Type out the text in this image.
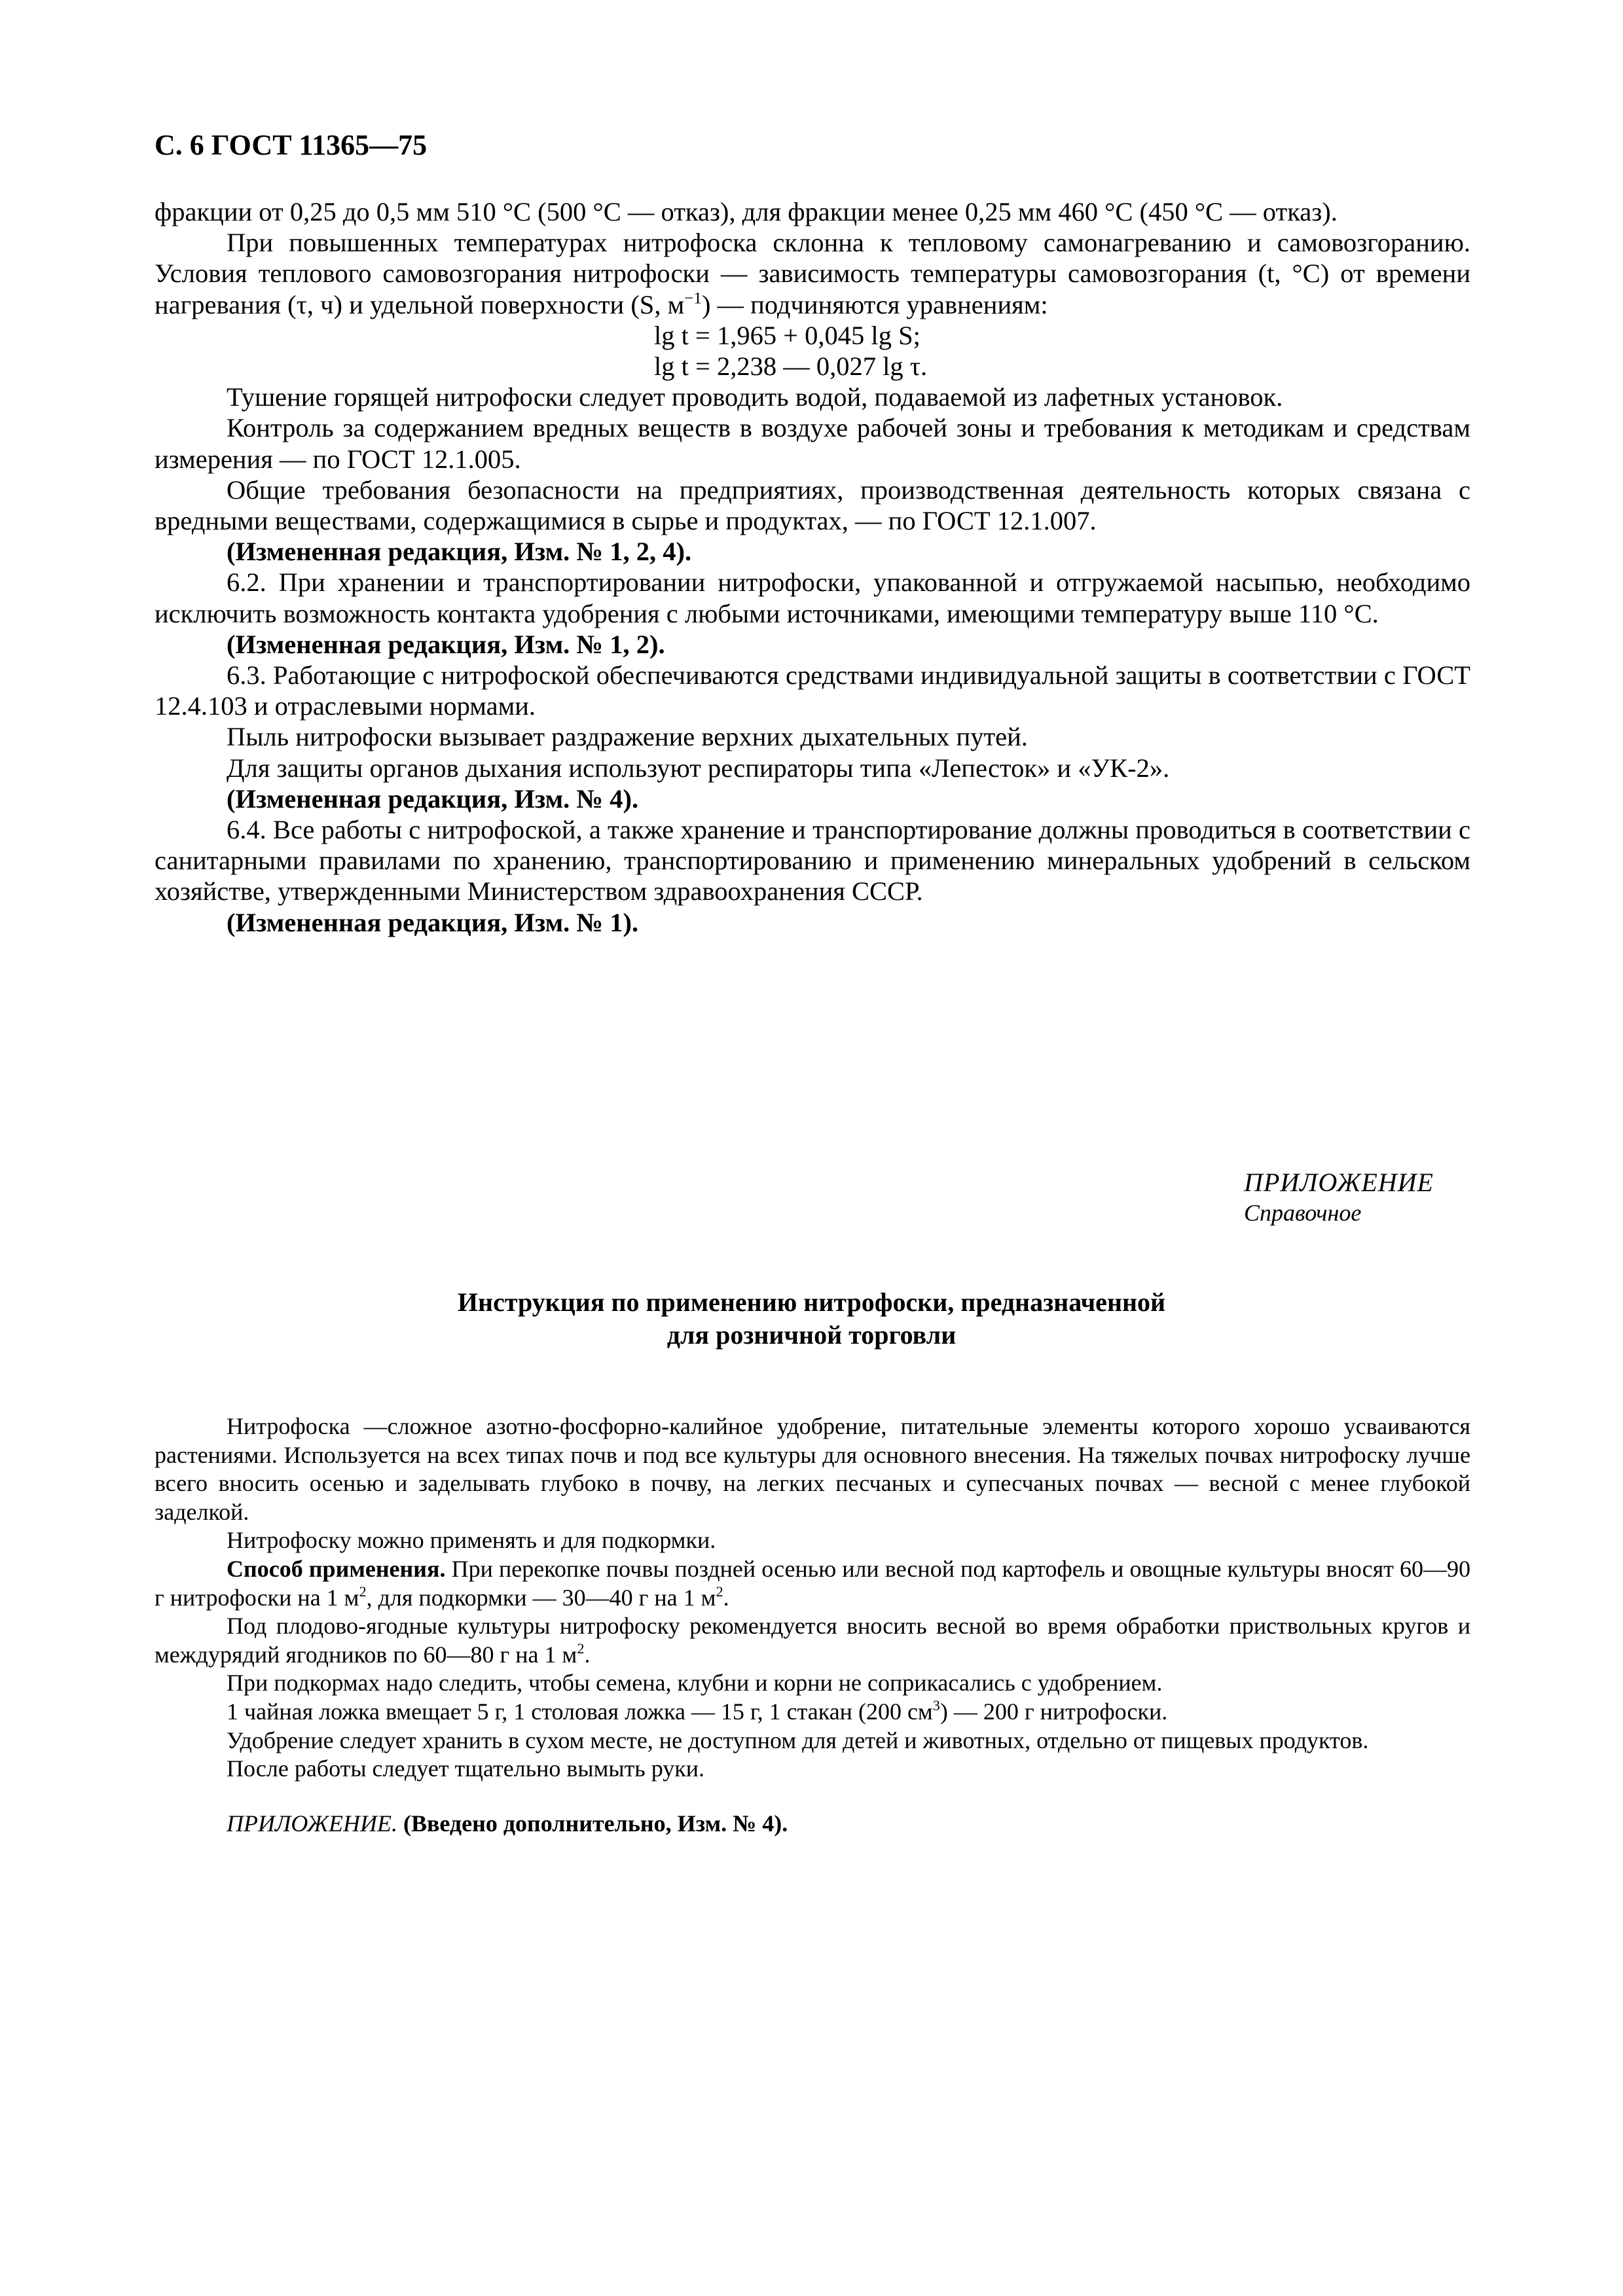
С. 6 ГОСТ 11365—75

фракции от 0,25 до 0,5 мм 510 °С (500 °С — отказ), для фракции менее 0,25 мм 460 °С (450 °С — отказ).

При повышенных температурах нитрофоска склонна к тепловому самонагреванию и самовозгоранию. Условия теплового самовозгорания нитрофоски — зависимость температуры самовозгорания (t, °С) от времени нагревания (τ, ч) и удельной поверхности (S, $м^{-1}$) — подчиняются уравнениям:

lg t = 1,965 + 0,045 lg S;
lg t = 2,238 — 0,027 lg τ.

Тушение горящей нитрофоски следует проводить водой, подаваемой из лафетных установок.

Контроль за содержанием вредных веществ в воздухе рабочей зоны и требования к методикам и средствам измерения — по ГОСТ 12.1.005.

Общие требования безопасности на предприятиях, производственная деятельность которых связана с вредными веществами, содержащимися в сырье и продуктах, — по ГОСТ 12.1.007.

(Измененная редакция, Изм. № 1, 2, 4).

6.2. При хранении и транспортировании нитрофоски, упакованной и отгружаемой насыпью, необходимо исключить возможность контакта удобрения с любыми источниками, имеющими температуру выше 110 °С.

(Измененная редакция, Изм. № 1, 2).

6.3. Работающие с нитрофоской обеспечиваются средствами индивидуальной защиты в соответствии с ГОСТ 12.4.103 и отраслевыми нормами.

Пыль нитрофоски вызывает раздражение верхних дыхательных путей.

Для защиты органов дыхания используют респираторы типа «Лепесток» и «УК-2».

(Измененная редакция, Изм. № 4).

6.4. Все работы с нитрофоской, а также хранение и транспортирование должны проводиться в соответствии с санитарными правилами по хранению, транспортированию и применению минеральных удобрений в сельском хозяйстве, утвержденными Министерством здравоохранения СССР.

(Измененная редакция, Изм. № 1).

ПРИЛОЖЕНИЕ
Справочное
Инструкция по применению нитрофоски, предназначенной
для розничной торговли

Нитрофоска —сложное азотно-фосфорно-калийное удобрение, питательные элементы которого хорошо усваиваются растениями. Используется на всех типах почв и под все культуры для основного внесения. На тяжелых почвах нитрофоску лучше всего вносить осенью и заделывать глубоко в почву, на легких песчаных и супесчаных почвах — весной с менее глубокой заделкой.

Нитрофоску можно применять и для подкормки.

Способ применения. При перекопке почвы поздней осенью или весной под картофель и овощные культуры вносят 60—90 г нитрофоски на 1 $м^2$, для подкормки — 30—40 г на 1 $м^2$.

Под плодово-ягодные культуры нитрофоску рекомендуется вносить весной во время обработки приствольных кругов и междурядий ягодников по 60—80 г на 1 $м^2$.

При подкормах надо следить, чтобы семена, клубни и корни не соприкасались с удобрением.

1 чайная ложка вмещает 5 г, 1 столовая ложка — 15 г, 1 стакан (200 $см^3$) — 200 г нитрофоски.

Удобрение следует хранить в сухом месте, не доступном для детей и животных, отдельно от пищевых продуктов.

После работы следует тщательно вымыть руки.

ПРИЛОЖЕНИЕ. (Введено дополнительно, Изм. № 4).
